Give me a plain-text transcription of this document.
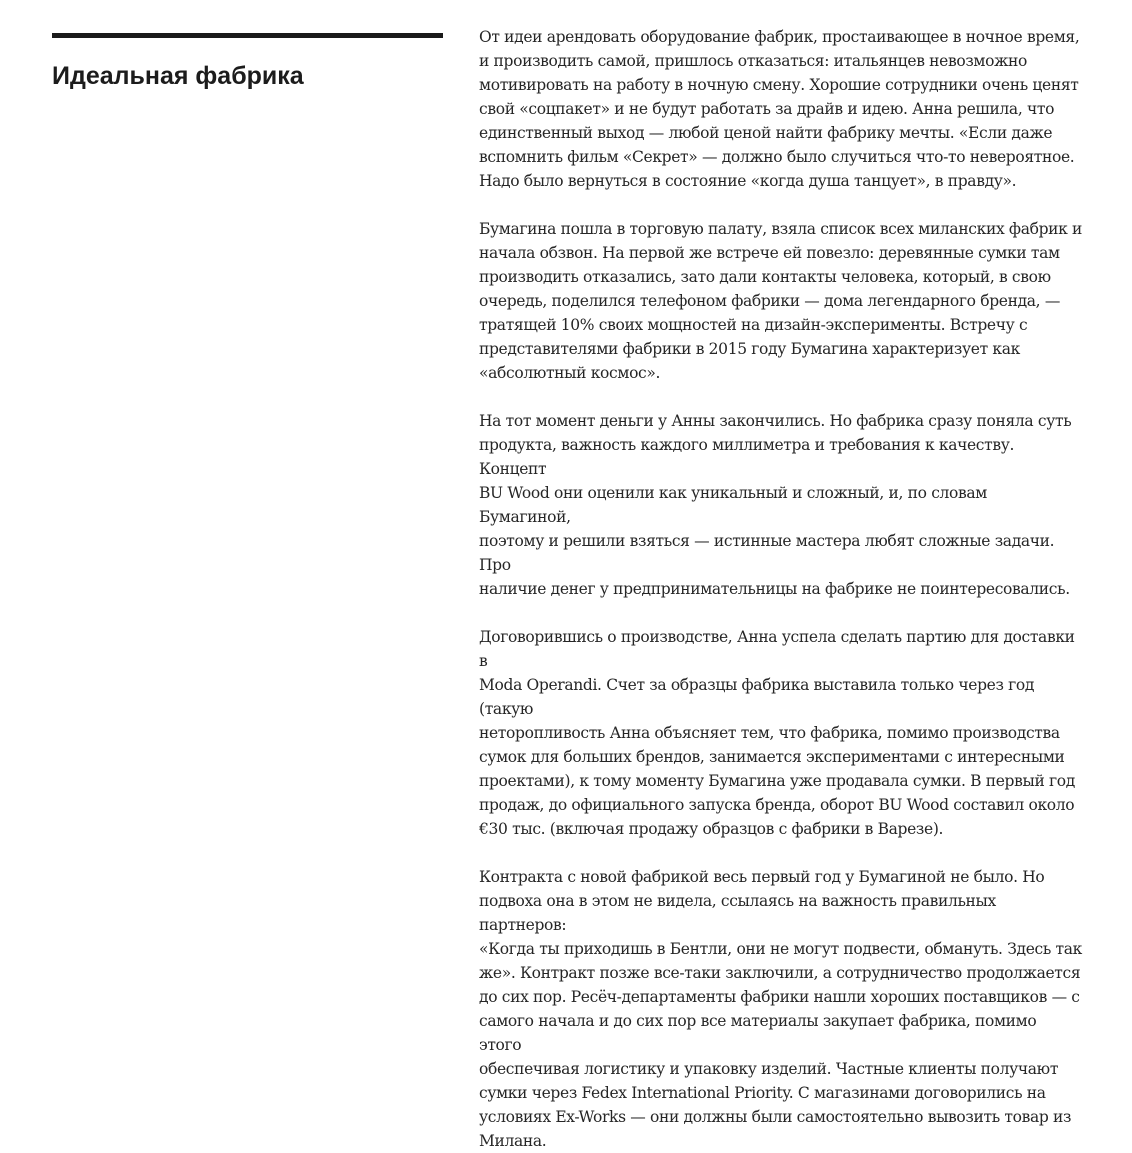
Идеальная фабрика

От идеи арендовать оборудование фабрик, простаивающее в ночное время,
и производить самой, пришлось отказаться: итальянцев невозможно
мотивировать на работу в ночную смену. Хорошие сотрудники очень ценят
свой «соцпакет» и не будут работать за драйв и идею. Анна решила, что
единственный выход — любой ценой найти фабрику мечты. «Если даже
вспомнить фильм «Секрет» — должно было случиться что-то невероятное.
Надо было вернуться в состояние «когда душа танцует», в правду».

Бумагина пошла в торговую палату, взяла список всех миланских фабрик и
начала обзвон. На первой же встрече ей повезло: деревянные сумки там
производить отказались, зато дали контакты человека, который, в свою
очередь, поделился телефоном фабрики — дома легендарного бренда, —
тратящей 10% своих мощностей на дизайн-эксперименты. Встречу с
представителями фабрики в 2015 году Бумагина характеризует как
«абсолютный космос».

На тот момент деньги у Анны закончились. Но фабрика сразу поняла суть
продукта, важность каждого миллиметра и требования к качеству. Концепт
BU Wood они оценили как уникальный и сложный, и, по словам Бумагиной,
поэтому и решили взяться — истинные мастера любят сложные задачи. Про
наличие денег у предпринимательницы на фабрике не поинтересовались.

Договорившись о производстве, Анна успела сделать партию для доставки в
Moda Operandi. Счет за образцы фабрика выставила только через год (такую
неторопливость Анна объясняет тем, что фабрика, помимо производства
сумок для больших брендов, занимается экспериментами с интересными
проектами), к тому моменту Бумагина уже продавала сумки. В первый год
продаж, до официального запуска бренда, оборот BU Wood составил около
€30 тыс. (включая продажу образцов с фабрики в Варезе).

Контракта с новой фабрикой весь первый год у Бумагиной не было. Но
подвоха она в этом не видела, ссылаясь на важность правильных партнеров:
«Когда ты приходишь в Бентли, они не могут подвести, обмануть. Здесь так
же». Контракт позже все-таки заключили, а сотрудничество продолжается
до сих пор. Ресёч-департаменты фабрики нашли хороших поставщиков — с
самого начала и до сих пор все материалы закупает фабрика, помимо этого
обеспечивая логистику и упаковку изделий. Частные клиенты получают
сумки через Fedex International Priority. С магазинами договорились на
условиях Ex-Works — они должны были самостоятельно вывозить товар из
Милана.
